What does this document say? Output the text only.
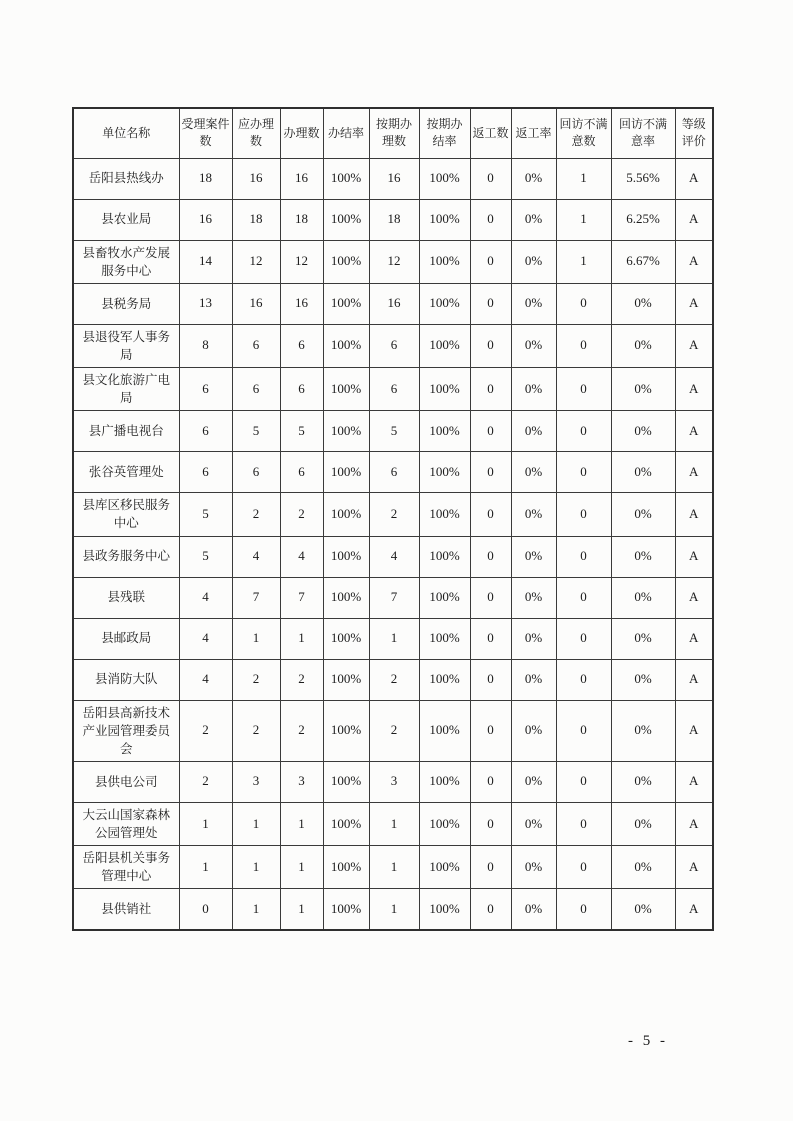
单位名称	受理案件数	应办理数	办理数	办结率	按期办理数	按期办结率	返工数	返工率	回访不满意数	回访不满意率	等级评价
岳阳县热线办	18	16	16	100%	16	100%	0	0%	1	5.56%	A
县农业局	16	18	18	100%	18	100%	0	0%	1	6.25%	A
县畜牧水产发展服务中心	14	12	12	100%	12	100%	0	0%	1	6.67%	A
县税务局	13	16	16	100%	16	100%	0	0%	0	0%	A
县退役军人事务局	8	6	6	100%	6	100%	0	0%	0	0%	A
县文化旅游广电局	6	6	6	100%	6	100%	0	0%	0	0%	A
县广播电视台	6	5	5	100%	5	100%	0	0%	0	0%	A
张谷英管理处	6	6	6	100%	6	100%	0	0%	0	0%	A
县库区移民服务中心	5	2	2	100%	2	100%	0	0%	0	0%	A
县政务服务中心	5	4	4	100%	4	100%	0	0%	0	0%	A
县残联	4	7	7	100%	7	100%	0	0%	0	0%	A
县邮政局	4	1	1	100%	1	100%	0	0%	0	0%	A
县消防大队	4	2	2	100%	2	100%	0	0%	0	0%	A
岳阳县高新技术产业园管理委员会	2	2	2	100%	2	100%	0	0%	0	0%	A
县供电公司	2	3	3	100%	3	100%	0	0%	0	0%	A
大云山国家森林公园管理处	1	1	1	100%	1	100%	0	0%	0	0%	A
岳阳县机关事务管理中心	1	1	1	100%	1	100%	0	0%	0	0%	A
县供销社	0	1	1	100%	1	100%	0	0%	0	0%	A
- 5 -
